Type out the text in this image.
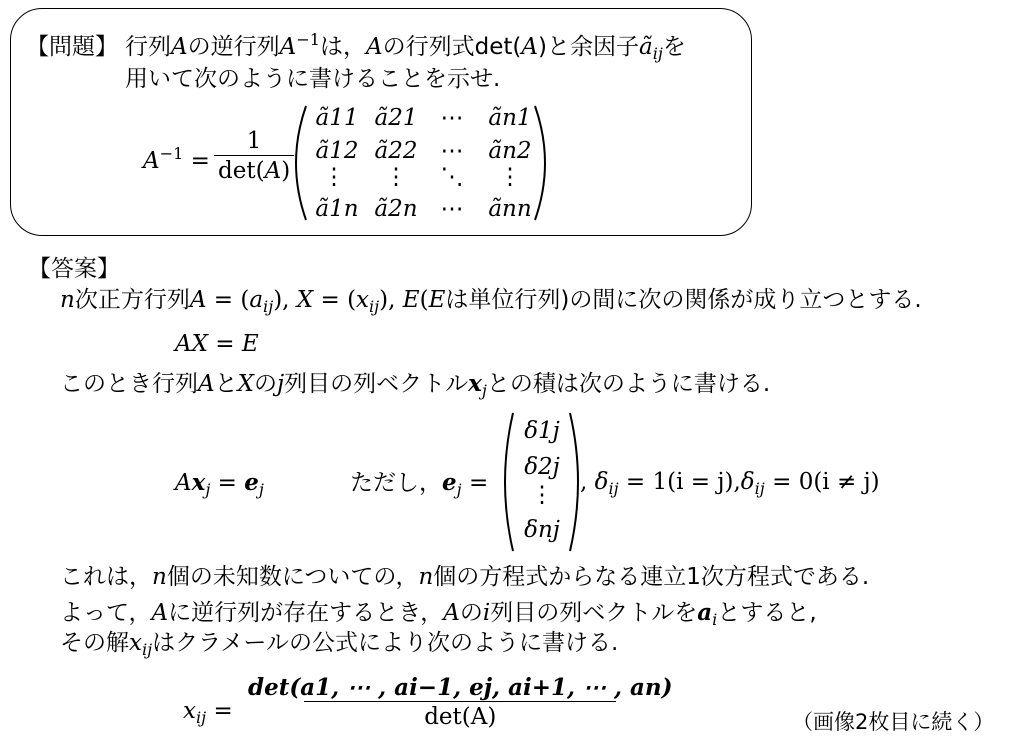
【問題】 行列Aの逆行列$A^{-1}$は，Aの行列式det(A)と余因子$ã_{ij}$を
用いて次のように書けることを示せ.
$A^{-1} = \frac{1}{\det(A)}$
ã11 ã21 ⋯ ãn1
ã12 ã22 ⋯ ãn2
⋮	⋮	⋱	⋮
ã1n ã2n ⋯ ãnn
【答案】
n次正方行列$A = (a_{ij})$, $X = (x_{ij})$, E(Eは単位行列)の間に次の関係が成り立つとする.
AX = E
このとき行列AとXのj列目の列ベクトル$x_j$との積は次のように書ける.
$Ax_j = e_j$	ただし，$e_j$ =
δ1j
δ2j
⋮
δnj
, $\delta_{ij} = 1(i = j),\delta_{ij} = 0(i \ne j)$
これは，n個の未知数についての，n個の方程式からなる連立1次方程式である.
よって，Aに逆行列が存在するとき，Aのi列目の列ベクトルを$a_i$とすると,
その解$x_{ij}$はクラメールの公式により次のように書ける.
$x_{ij} = \frac{\det(a1, \cdots , ai-1, ej, ai+1, \cdots , an)}{\det(A)}$	（画像2枚目に続く）
